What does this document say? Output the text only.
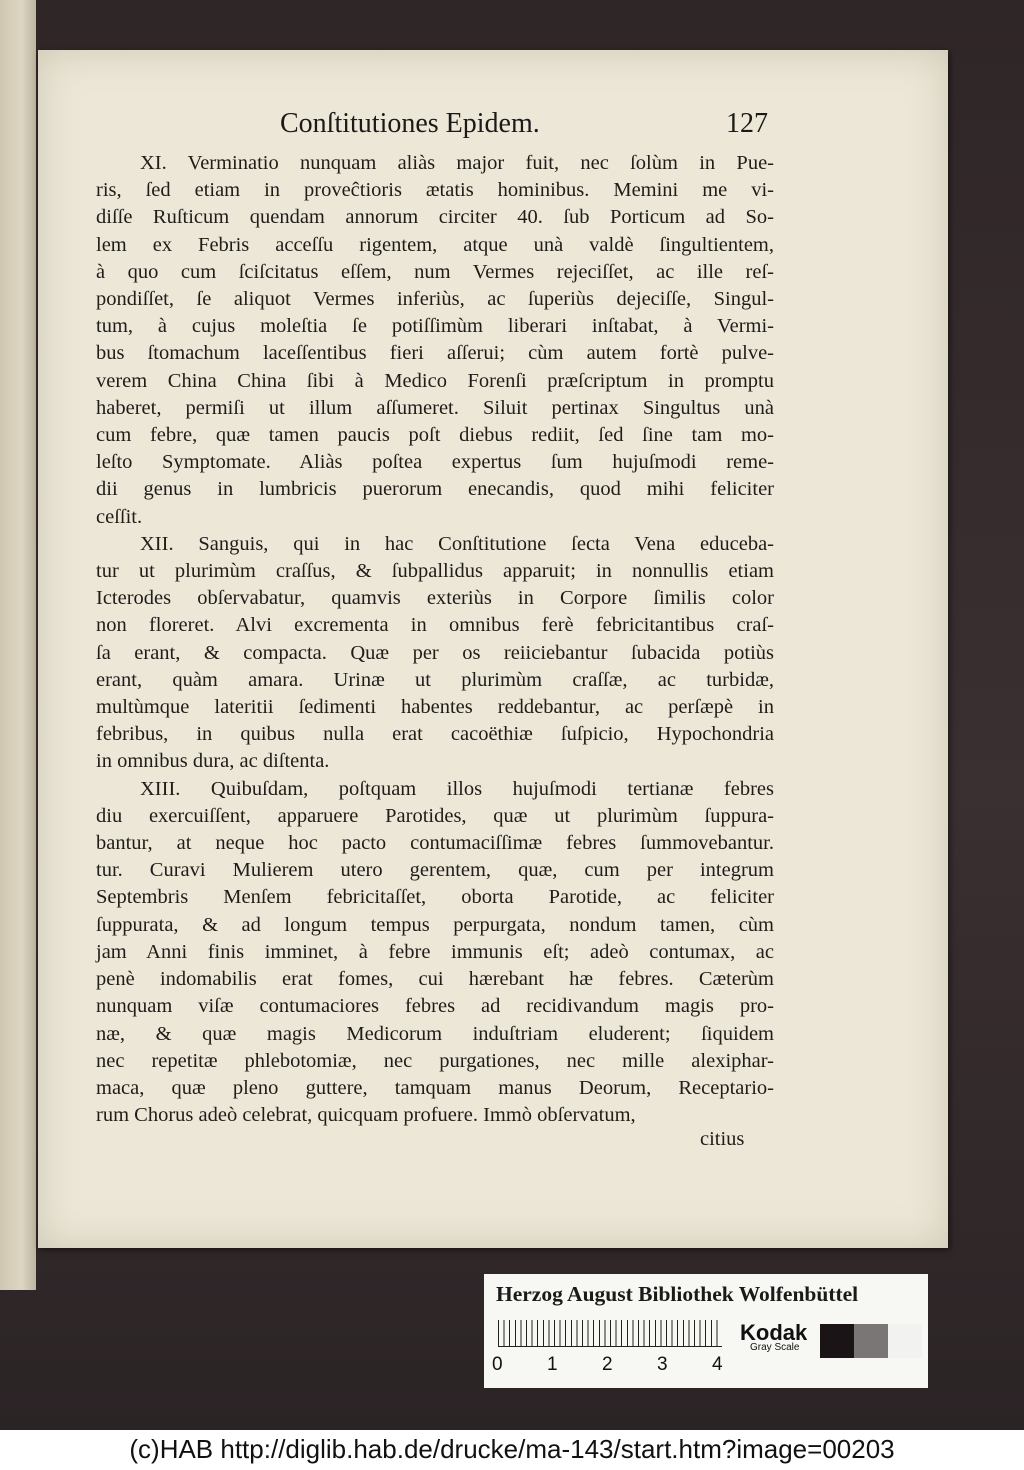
Conſtitutiones Epidem.	127
XI. Verminatio nunquam aliàs major fuit, nec ſolùm in Pue-
ris, ſed etiam in proveĉtioris ætatis hominibus. Memini me vi-
diſſe Ruſticum quendam annorum circiter 40. ſub Porticum ad So-
lem ex Febris acceſſu rigentem, atque unà valdè ſingultientem,
à quo cum ſciſcitatus eſſem, num Vermes rejeciſſet, ac ille reſ-
pondiſſet, ſe aliquot Vermes inferiùs, ac ſuperiùs dejeciſſe, Singul-
tum, à cujus moleſtia ſe potiſſimùm liberari inſtabat, à Vermi-
bus ſtomachum laceſſentibus fieri aſſerui; cùm autem fortè pulve-
verem China China ſibi à Medico Forenſi præſcriptum in promptu
haberet, permiſi ut illum aſſumeret. Siluit pertinax Singultus unà
cum febre, quæ tamen paucis poſt diebus rediit, ſed ſine tam mo-
leſto Symptomate. Aliàs poſtea expertus ſum hujuſmodi reme-
dii genus in lumbricis puerorum enecandis, quod mihi feliciter
ceſſit.
XII. Sanguis, qui in hac Conſtitutione ſecta Vena educeba-
tur ut plurimùm craſſus, & ſubpallidus apparuit; in nonnullis etiam
Icterodes obſervabatur, quamvis exteriùs in Corpore ſimilis color
non floreret. Alvi excrementa in omnibus ferè febricitantibus craſ-
ſa erant, & compacta. Quæ per os reiiciebantur ſubacida potiùs
erant, quàm amara. Urinæ ut plurimùm craſſæ, ac turbidæ,
multùmque lateritii ſedimenti habentes reddebantur, ac perſæpè in
febribus, in quibus nulla erat cacoëthiæ ſuſpicio, Hypochondria
in omnibus dura, ac diſtenta.
XIII. Quibuſdam, poſtquam illos hujuſmodi tertianæ febres
diu exercuiſſent, apparuere Parotides, quæ ut plurimùm ſuppura-
bantur, at neque hoc pacto contumaciſſimæ febres ſummovebantur.
tur. Curavi Mulierem utero gerentem, quæ, cum per integrum
Septembris Menſem febricitaſſet, oborta Parotide, ac feliciter
ſuppurata, & ad longum tempus perpurgata, nondum tamen, cùm
jam Anni finis imminet, à febre immunis eſt; adeò contumax, ac
penè indomabilis erat fomes, cui hærebant hæ febres. Cæterùm
nunquam viſæ contumaciores febres ad recidivandum magis pro-
næ, & quæ magis Medicorum induſtriam eluderent; ſiquidem
nec repetitæ phlebotomiæ, nec purgationes, nec mille alexiphar-
maca, quæ pleno guttere, tamquam manus Deorum, Receptario-
rum Chorus adeò celebrat, quicquam profuere. Immò obſervatum,
citius
Herzog August Bibliothek Wolfenbüttel
0 1 2 3 4
Kodak
Gray Scale
(c)HAB http://diglib.hab.de/drucke/ma-143/start.htm?image=00203
